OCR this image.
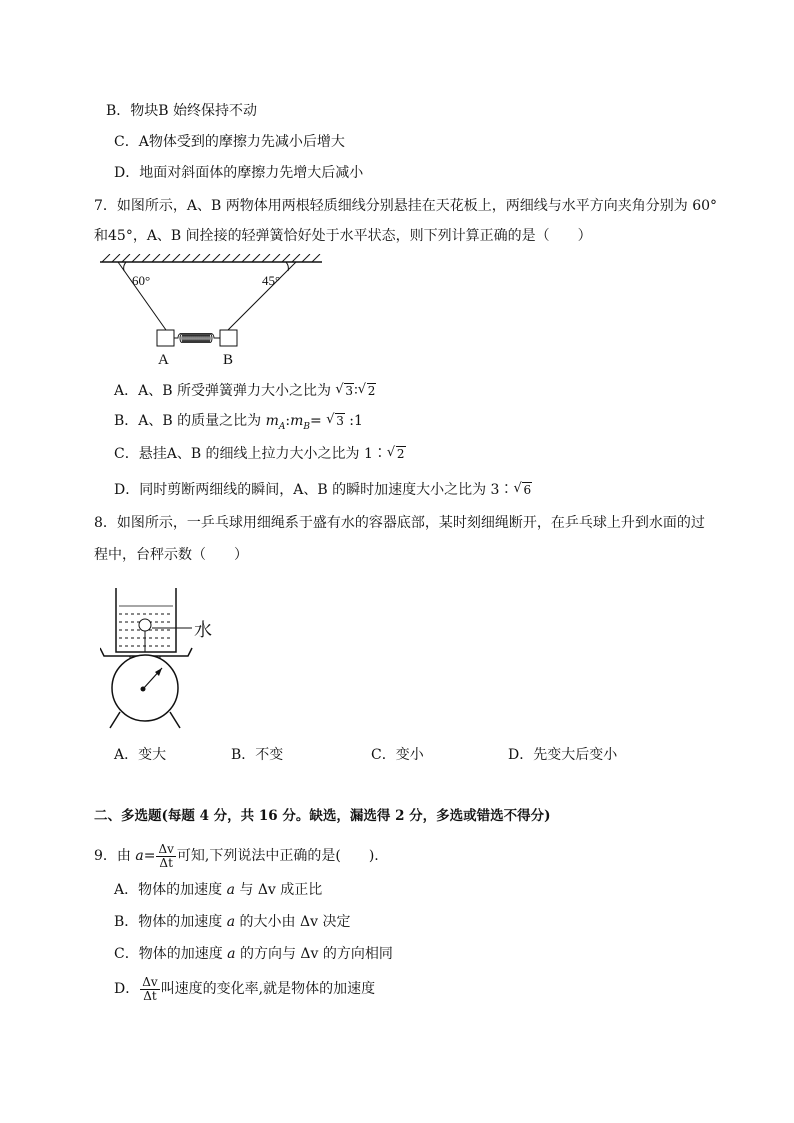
B．物块B 始终保持不动
C．A物体受到的摩擦力先减小后增大
D．地面对斜面体的摩擦力先增大后减小
7．如图所示，A、B 两物体用两根轻质细线分别悬挂在天花板上，两细线与水平方向夹角分别为 60°
和45°，A、B 间拴接的轻弹簧恰好处于水平状态，则下列计算正确的是（　　）
60°	45°
A	B
A．A、B 所受弹簧弹力大小之比为 √ 3∶ √ 2
B．A、B 的质量之比为 $m_A:m_B=$ √ 3 :1
C．悬挂A、B 的细线上拉力大小之比为 1∶ √ 2
D．同时剪断两细线的瞬间，A、B 的瞬时加速度大小之比为 3∶ √ 6
8．如图所示，一乒乓球用细绳系于盛有水的容器底部，某时刻细绳断开，在乒乓球上升到水面的过
程中，台秤示数（　　）
水
A．变大	B．不变	C．变小	D．先变大后变小
二、多选题(每题 4 分，共 16 分。缺选，漏选得 2 分，多选或错选不得分)
9．由 $a= \frac{\Delta v}{\Delta t}$ 可知,下列说法中正确的是(　　).
A．物体的加速度 a 与 Δv 成正比
B．物体的加速度 a 的大小由 Δv 决定
C．物体的加速度 a 的方向与 Δv 的方向相同
D． $\frac{\Delta v}{\Delta t}$ 叫速度的变化率,就是物体的加速度
